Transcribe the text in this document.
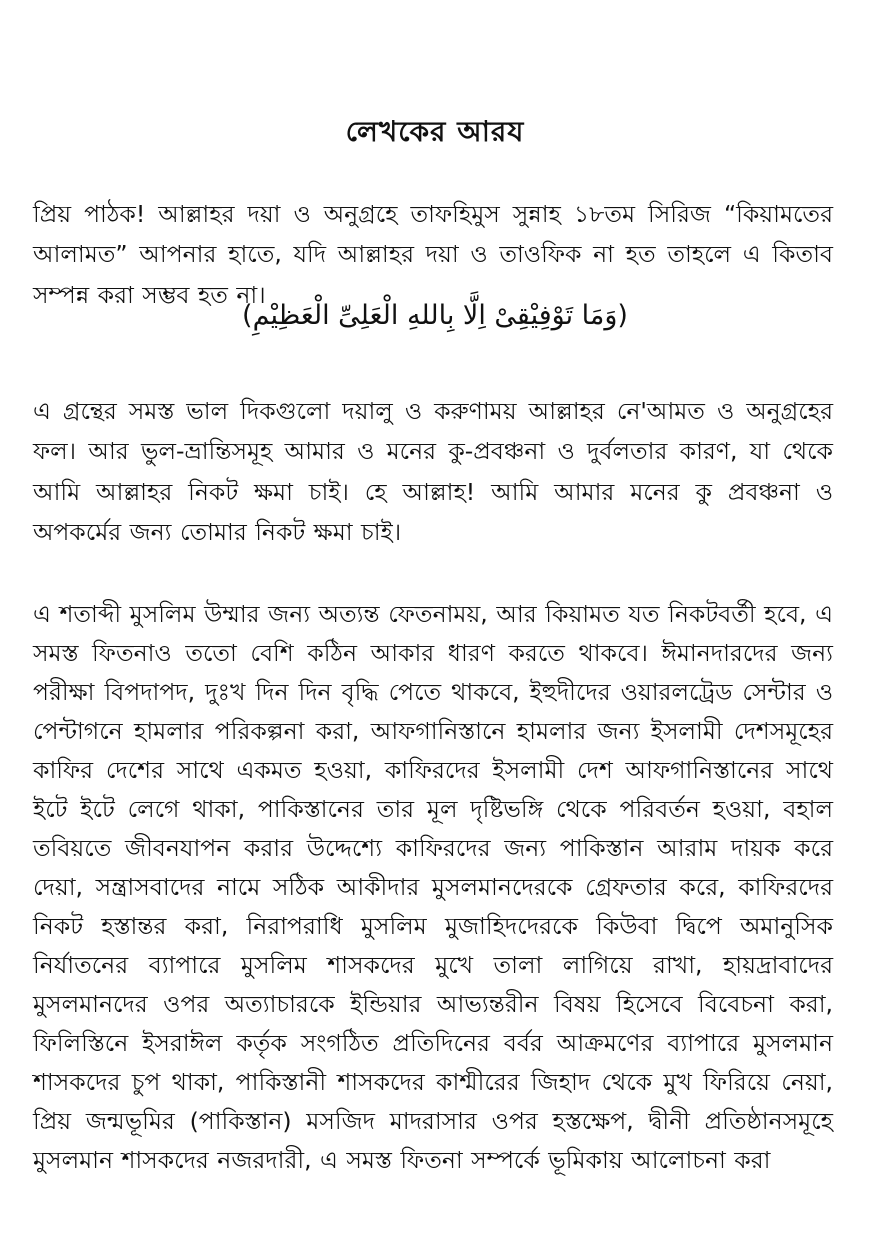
লেখকের আরয

প্রিয় পাঠক! আল্লাহর দয়া ও অনুগ্রহে তাফহিমুস সুন্নাহ ১৮তম সিরিজ “কিয়ামতের আলামত” আপনার হাতে, যদি আল্লাহর দয়া ও তাওফিক না হত তাহলে এ কিতাব সম্পন্ন করা সম্ভব হত না।

(وَمَا تَوْفِيْقِىْ اِلَّا بِاللهِ الْعَلِىِّ الْعَظِيْمِ)

এ গ্রন্থের সমস্ত ভাল দিকগুলো দয়ালু ও করুণাময় আল্লাহর নে'আমত ও অনুগ্রহের ফল। আর ভুল-ভ্রান্তিসমূহ আমার ও মনের কু-প্রবঞ্চনা ও দুর্বলতার কারণ, যা থেকে আমি আল্লাহর নিকট ক্ষমা চাই। হে আল্লাহ! আমি আমার মনের কু প্রবঞ্চনা ও অপকর্মের জন্য তোমার নিকট ক্ষমা চাই।

এ শতাব্দী মুসলিম উম্মার জন্য অত্যন্ত ফেতনাময়, আর কিয়ামত যত নিকটবর্তী হবে, এ সমস্ত ফিতনাও ততো বেশি কঠিন আকার ধারণ করতে থাকবে। ঈমানদারদের জন্য পরীক্ষা বিপদাপদ, দুঃখ দিন দিন বৃদ্ধি পেতে থাকবে, ইহুদীদের ওয়ারলট্রেড সেন্টার ও পেন্টাগনে হামলার পরিকল্পনা করা, আফগানিস্তানে হামলার জন্য ইসলামী দেশসমূহের কাফির দেশের সাথে একমত হওয়া, কাফিরদের ইসলামী দেশ আফগানিস্তানের সাথে ইটে ইটে লেগে থাকা, পাকিস্তানের তার মূল দৃষ্টিভঙ্গি থেকে পরিবর্তন হওয়া, বহাল তবিয়তে জীবনযাপন করার উদ্দেশ্যে কাফিরদের জন্য পাকিস্তান আরাম দায়ক করে দেয়া, সন্ত্রাসবাদের নামে সঠিক আকীদার মুসলমানদেরকে গ্রেফতার করে, কাফিরদের নিকট হস্তান্তর করা, নিরাপরাধি মুসলিম মুজাহিদদেরকে কিউবা দ্বিপে অমানুসিক নির্যাতনের ব্যাপারে মুসলিম শাসকদের মুখে তালা লাগিয়ে রাখা, হায়দ্রাবাদের মুসলমানদের ওপর অত্যাচারকে ইন্ডিয়ার আভ্যন্তরীন বিষয় হিসেবে বিবেচনা করা, ফিলিস্তিনে ইসরাঈল কর্তৃক সংগঠিত প্রতিদিনের বর্বর আক্রমণের ব্যাপারে মুসলমান শাসকদের চুপ থাকা, পাকিস্তানী শাসকদের কাশ্মীরের জিহাদ থেকে মুখ ফিরিয়ে নেয়া, প্রিয় জন্মভূমির (পাকিস্তান) মসজিদ মাদরাসার ওপর হস্তক্ষেপ, দ্বীনী প্রতিষ্ঠানসমূহে মুসলমান শাসকদের নজরদারী, এ সমস্ত ফিতনা সম্পর্কে ভূমিকায় আলোচনা করা
